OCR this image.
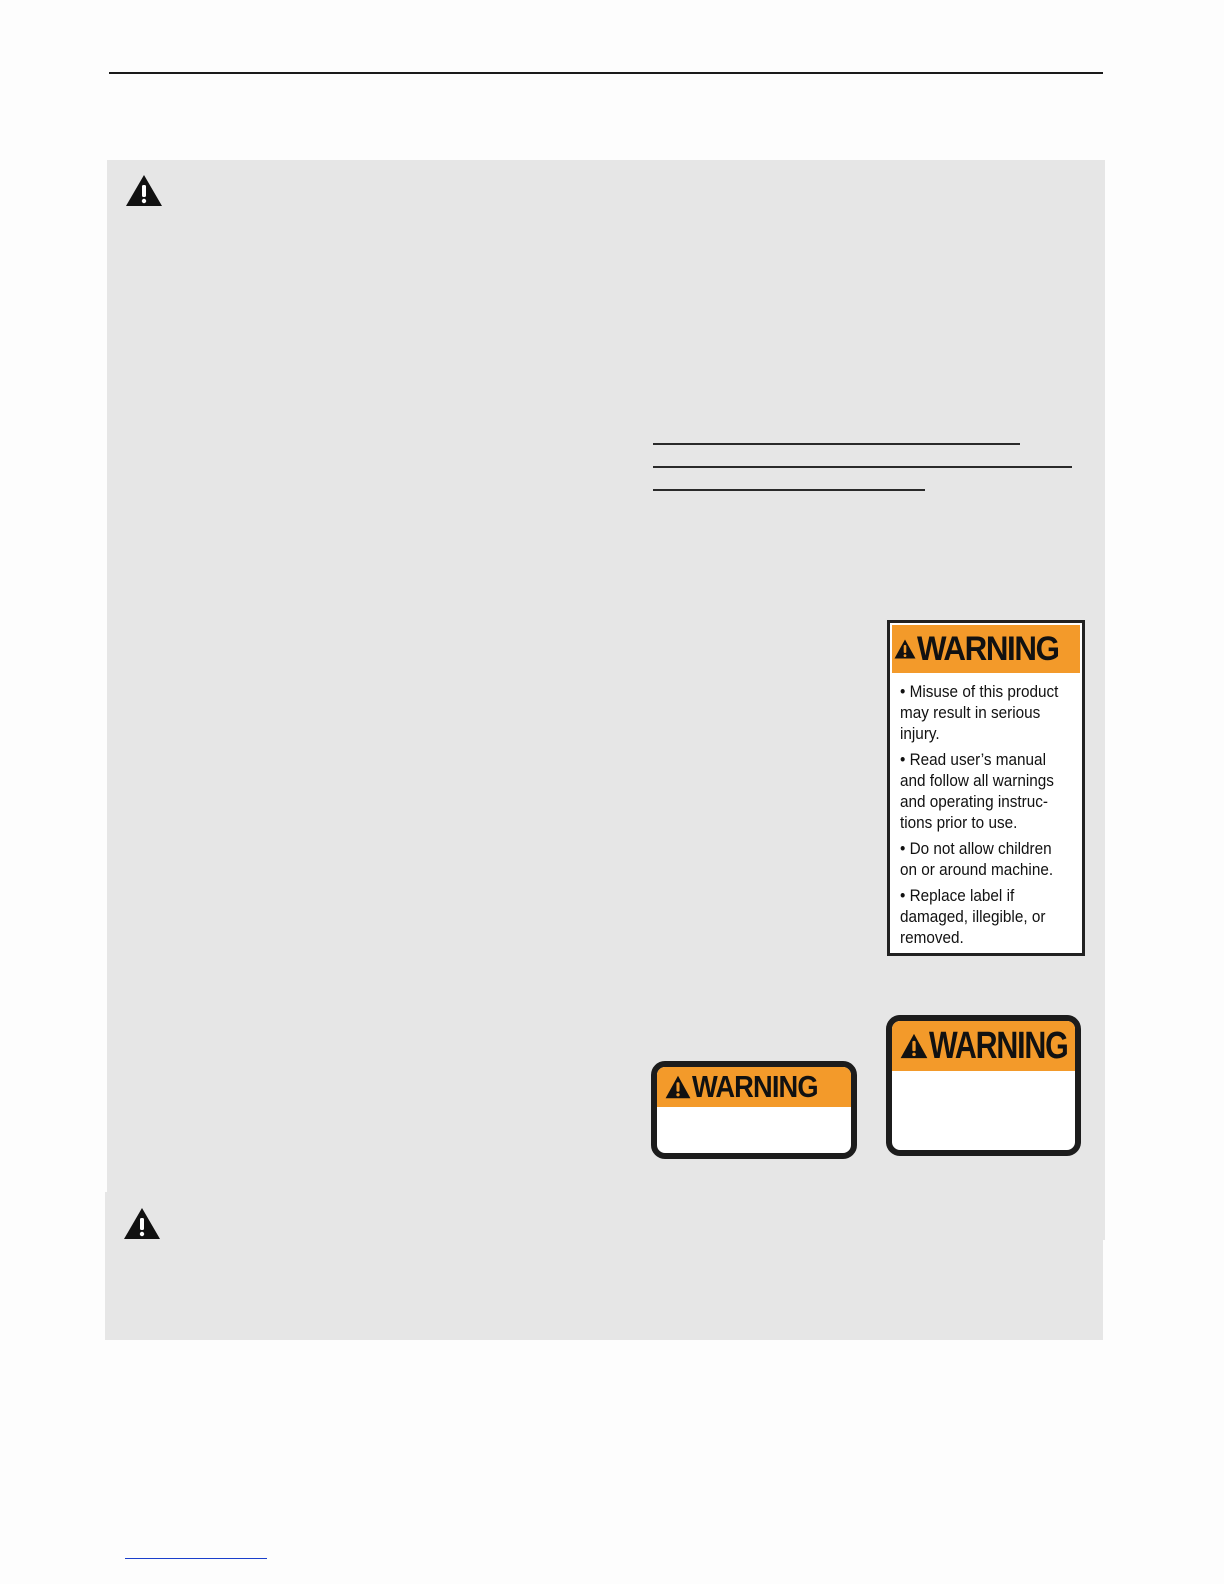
WARNING
• Misuse of this product
may result in serious
injury.
• Read user’s manual
and follow all warnings
and operating instruc-
tions prior to use.
• Do not allow children
on or around machine.
• Replace label if
damaged, illegible, or
removed.
WARNING
WARNING
